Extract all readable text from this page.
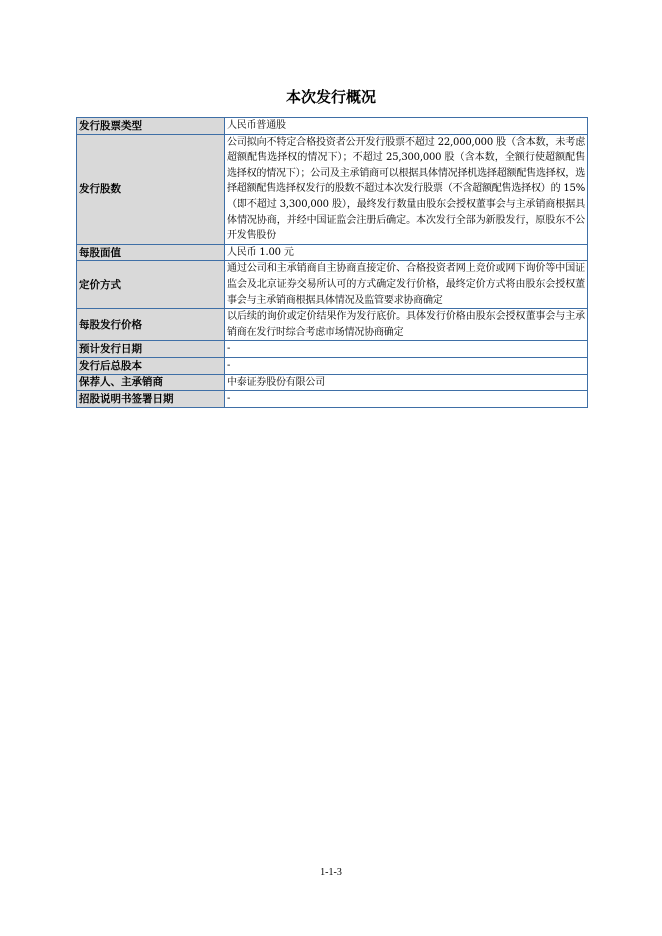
本次发行概况
发行股票类型	人民币普通股
发行股数	公司拟向不特定合格投资者公开发行股票不超过 22,000,000 股（含本数，未考虑超额配售选择权的情况下）；不超过 25,300,000 股（含本数，全额行使超额配售选择权的情况下）；公司及主承销商可以根据具体情况择机选择超额配售选择权，选择超额配售选择权发行的股数不超过本次发行股票（不含超额配售选择权）的 15%（即不超过 3,300,000 股），最终发行数量由股东会授权董事会与主承销商根据具体情况协商，并经中国证监会注册后确定。本次发行全部为新股发行，原股东不公开发售股份
每股面值	人民币 1.00 元
定价方式	通过公司和主承销商自主协商直接定价、合格投资者网上竞价或网下询价等中国证监会及北京证券交易所认可的方式确定发行价格，最终定价方式将由股东会授权董事会与主承销商根据具体情况及监管要求协商确定
每股发行价格	以后续的询价或定价结果作为发行底价。具体发行价格由股东会授权董事会与主承销商在发行时综合考虑市场情况协商确定
预计发行日期	-
发行后总股本	-
保荐人、主承销商	中泰证券股份有限公司
招股说明书签署日期	-
1-1-3
